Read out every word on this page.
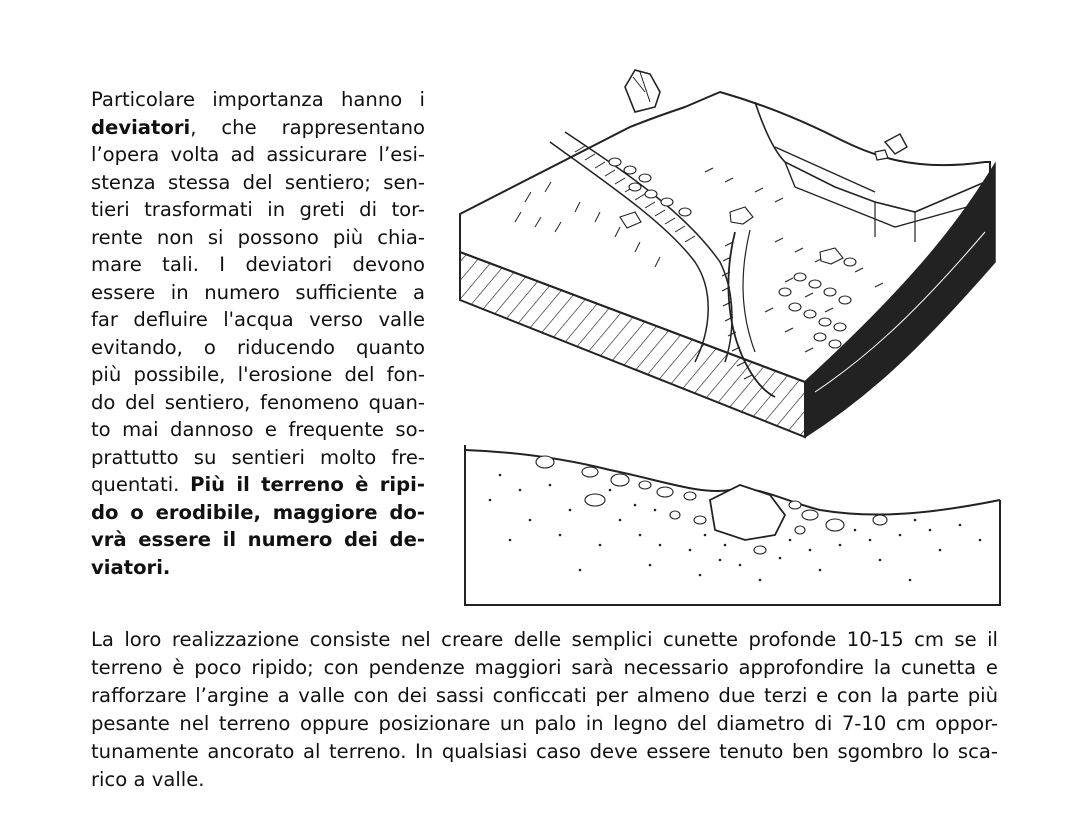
Particolare importanza hanno i
deviatori, che rappresentano
l’opera volta ad assicurare l’esi-
stenza stessa del sentiero; sen-
tieri trasformati in greti di tor-
rente non si possono più chia-
mare tali. I deviatori devono
essere in numero sufficiente a
far defluire l'acqua verso valle
evitando, o riducendo quanto
più possibile, l'erosione del fon-
do del sentiero, fenomeno quan-
to mai dannoso e frequente so-
prattutto su sentieri molto fre-
quentati. Più il terreno è ripi-
do o erodibile, maggiore do-
vrà essere il numero dei de-
viatori.
La loro realizzazione consiste nel creare delle semplici cunette profonde 10-15 cm se il
terreno è poco ripido; con pendenze maggiori sarà necessario approfondire la cunetta e
rafforzare l’argine a valle con dei sassi conficcati per almeno due terzi e con la parte più
pesante nel terreno oppure posizionare un palo in legno del diametro di 7-10 cm oppor-
tunamente ancorato al terreno. In qualsiasi caso deve essere tenuto ben sgombro lo sca-
rico a valle.
